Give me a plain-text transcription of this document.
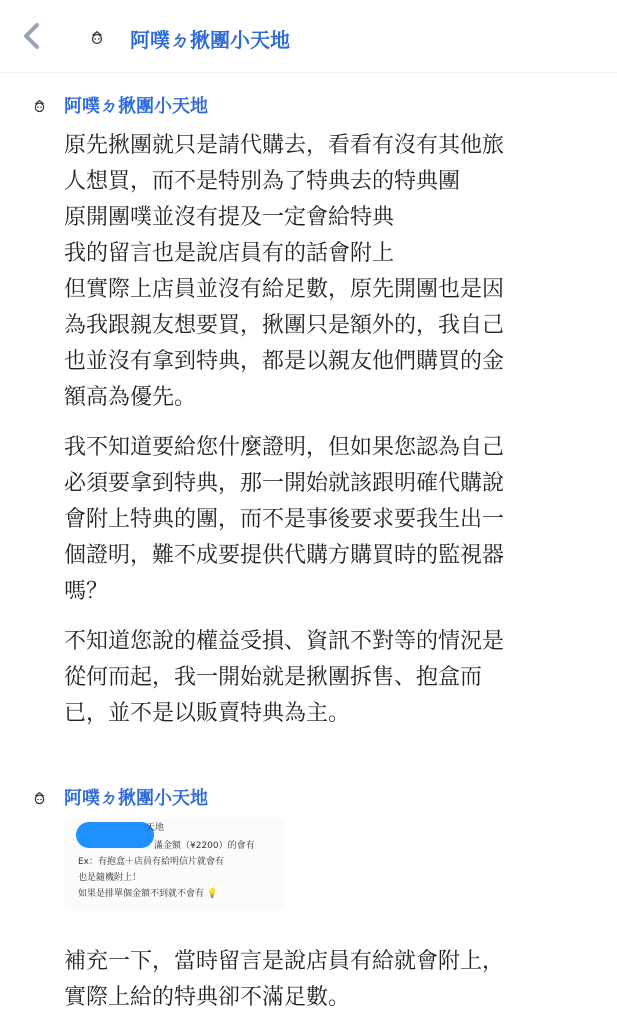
阿噗ㄉ揪團小天地
阿噗ㄉ揪團小天地

原先揪團就只是請代購去，看看有沒有其他旅
人想買，而不是特別為了特典去的特典團
原開團噗並沒有提及一定會給特典
我的留言也是說店員有的話會附上
但實際上店員並沒有給足數，原先開團也是因
為我跟親友想要買，揪團只是額外的，我自己
也並沒有拿到特典，都是以親友他們購買的金
額高為優先。

我不知道要給您什麼證明，但如果您認為自己
必須要拿到特典，那一開始就該跟明確代購說
會附上特典的團，而不是事後要求要我生出一
個證明，難不成要提供代購方購買時的監視器
嗎？

不知道您說的權益受損、資訊不對等的情況是
從何而起，我一開始就是揪團拆售、抱盒而
已，並不是以販賣特典為主。

阿噗ㄉ揪團小天地
天地
滿金額（¥2200）的會有
Ex：有抱盒＋店員有給明信片就會有
也是隨機附上！
如果是排單個金額不到就不會有 💡

補充一下，當時留言是說店員有給就會附上，
實際上給的特典卻不滿足數。
